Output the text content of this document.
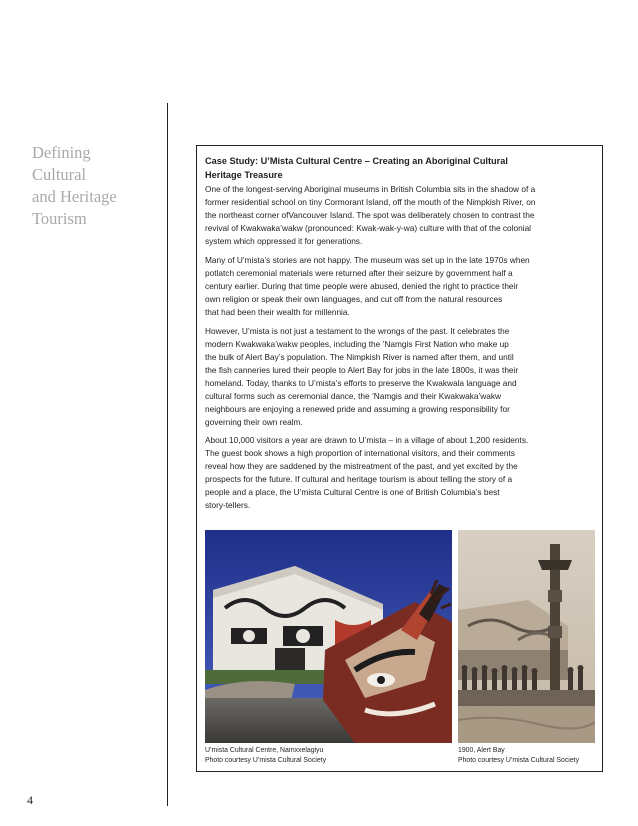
Defining
Cultural
and Heritage
Tourism
4
Case Study: U’Mista Cultural Centre – Creating an Aboriginal Cultural
Heritage Treasure
One of the longest-serving Aboriginal museums in British Columbia sits in the shadow of a
former residential school on tiny Cormorant Island, off the mouth of the Nimpkish River, on
the northeast corner ofVancouver Island. The spot was deliberately chosen to contrast the
revival of Kwakwaka’wakw (pronounced: Kwak-wak-y-wa) culture with that of the colonial
system which oppressed it for generations.
Many of U’mista’s stories are not happy. The museum was set up in the late 1970s when
potlatch ceremonial materials were returned after their seizure by government half a
century earlier. During that time people were abused, denied the right to practice their
own religion or speak their own languages, and cut off from the natural resources
that had been their wealth for millennia.
However, U’mista is not just a testament to the wrongs of the past. It celebrates the
modern Kwakwaka’wakw peoples, including the ’Namgis First Nation who make up
the bulk of Alert Bay’s population. The Nimpkish River is named after them, and until
the fish canneries lured their people to Alert Bay for jobs in the late 1800s, it was their
homeland. Today, thanks to U’mista’s efforts to preserve the Kwakwala language and
cultural forms such as ceremonial dance, the ’Namgis and their Kwakwaka’wakw
neighbours are enjoying a renewed pride and assuming a growing responsibility for
governing their own realm.
About 10,000 visitors a year are drawn to U’mista – in a village of about 1,200 residents.
The guest book shows a high proportion of international visitors, and their comments
reveal how they are saddened by the mistreatment of the past, and yet excited by the
prospects for the future. If cultural and heritage tourism is about telling the story of a
people and a place, the U’mista Cultural Centre is one of British Columbia’s best
story-tellers.
U’mista Cultural Centre, Namxxelagiyu
Photo courtesy U’mista Cultural Society
1900, Alert Bay
Photo courtesy U’mista Cultural Society
